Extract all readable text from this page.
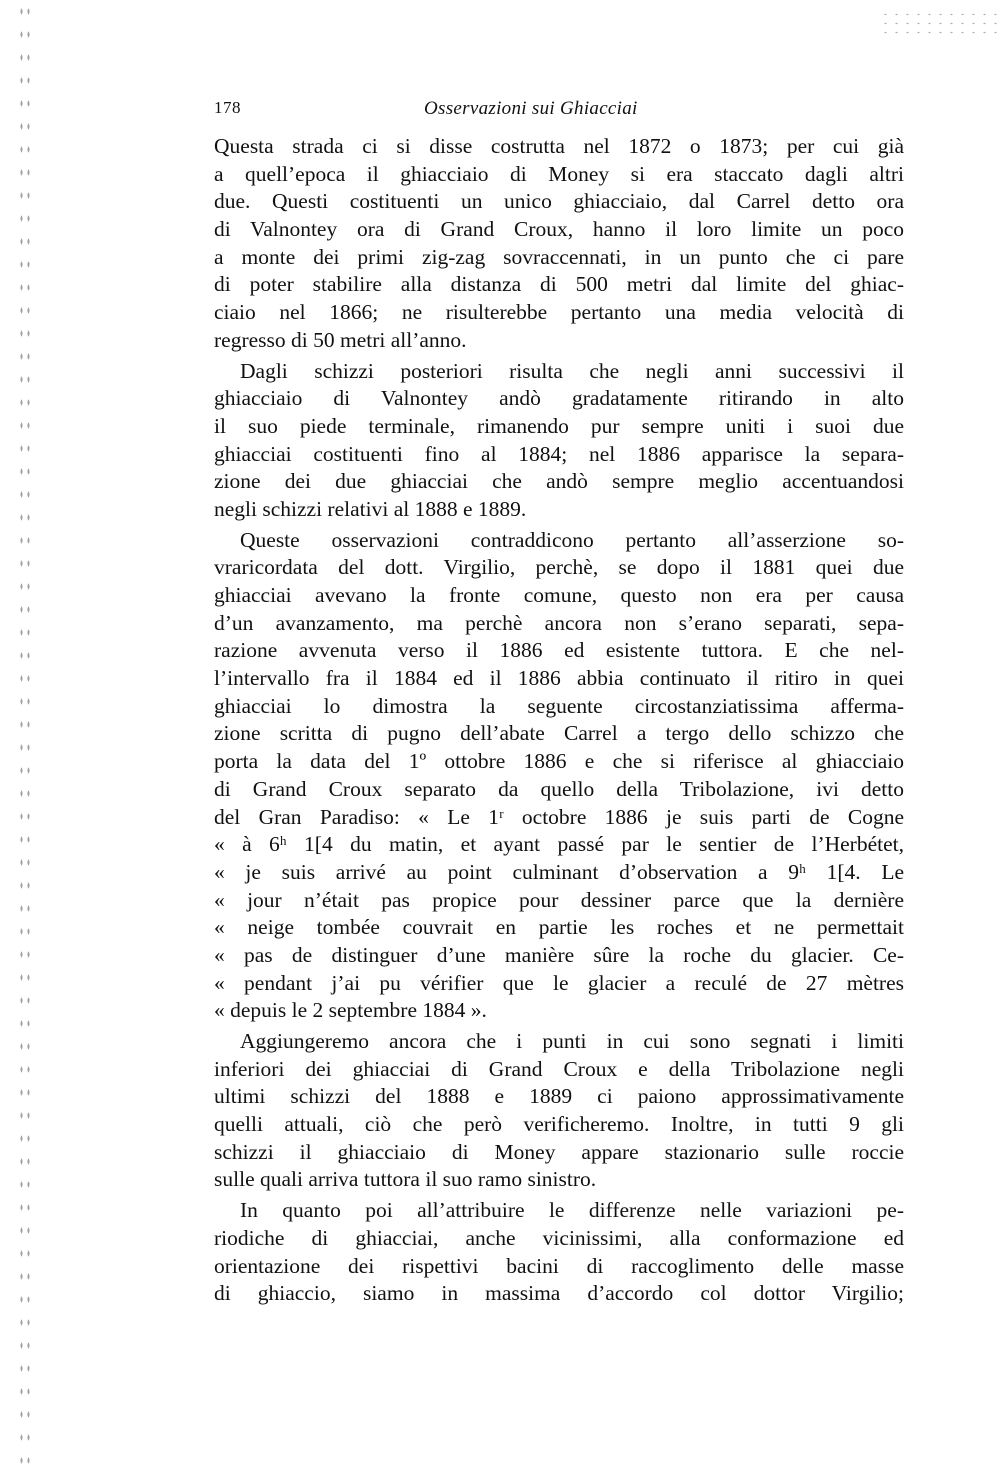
178	Osservazioni sui Ghiacciai
Questa strada ci si disse costrutta nel 1872 o 1873; per cui già
a quell’epoca il ghiacciaio di Money si era staccato dagli altri
due. Questi costituenti un unico ghiacciaio, dal Carrel detto ora
di Valnontey ora di Grand Croux, hanno il loro limite un poco
a monte dei primi zig-zag sovraccennati, in un punto che ci pare
di poter stabilire alla distanza di 500 metri dal limite del ghiac-
ciaio nel 1866; ne risulterebbe pertanto una media velocità di
regresso di 50 metri all’anno.
Dagli schizzi posteriori risulta che negli anni successivi il
ghiacciaio di Valnontey andò gradatamente ritirando in alto
il suo piede terminale, rimanendo pur sempre uniti i suoi due
ghiacciai costituenti fino al 1884; nel 1886 apparisce la separa-
zione dei due ghiacciai che andò sempre meglio accentuandosi
negli schizzi relativi al 1888 e 1889.
Queste osservazioni contraddicono pertanto all’asserzione so-
vraricordata del dott. Virgilio, perchè, se dopo il 1881 quei due
ghiacciai avevano la fronte comune, questo non era per causa
d’un avanzamento, ma perchè ancora non s’erano separati, sepa-
razione avvenuta verso il 1886 ed esistente tuttora. E che nel-
l’intervallo fra il 1884 ed il 1886 abbia continuato il ritiro in quei
ghiacciai lo dimostra la seguente circostanziatissima afferma-
zione scritta di pugno dell’abate Carrel a tergo dello schizzo che
porta la data del 1º ottobre 1886 e che si riferisce al ghiacciaio
di Grand Croux separato da quello della Tribolazione, ivi detto
del Gran Paradiso: « Le 1ʳ octobre 1886 je suis parti de Cogne
« à 6ʰ 1[4 du matin, et ayant passé par le sentier de l’Herbétet,
« je suis arrivé au point culminant d’observation a 9ʰ 1[4. Le
« jour n’était pas propice pour dessiner parce que la dernière
« neige tombée couvrait en partie les roches et ne permettait
« pas de distinguer d’une manière sûre la roche du glacier. Ce-
« pendant j’ai pu vérifier que le glacier a reculé de 27 mètres
« depuis le 2 septembre 1884 ».
Aggiungeremo ancora che i punti in cui sono segnati i limiti
inferiori dei ghiacciai di Grand Croux e della Tribolazione negli
ultimi schizzi del 1888 e 1889 ci paiono approssimativamente
quelli attuali, ciò che però verificheremo. Inoltre, in tutti 9 gli
schizzi il ghiacciaio di Money appare stazionario sulle roccie
sulle quali arriva tuttora il suo ramo sinistro.
In quanto poi all’attribuire le differenze nelle variazioni pe-
riodiche di ghiacciai, anche vicinissimi, alla conformazione ed
orientazione dei rispettivi bacini di raccoglimento delle masse
di ghiaccio, siamo in massima d’accordo col dottor Virgilio;
